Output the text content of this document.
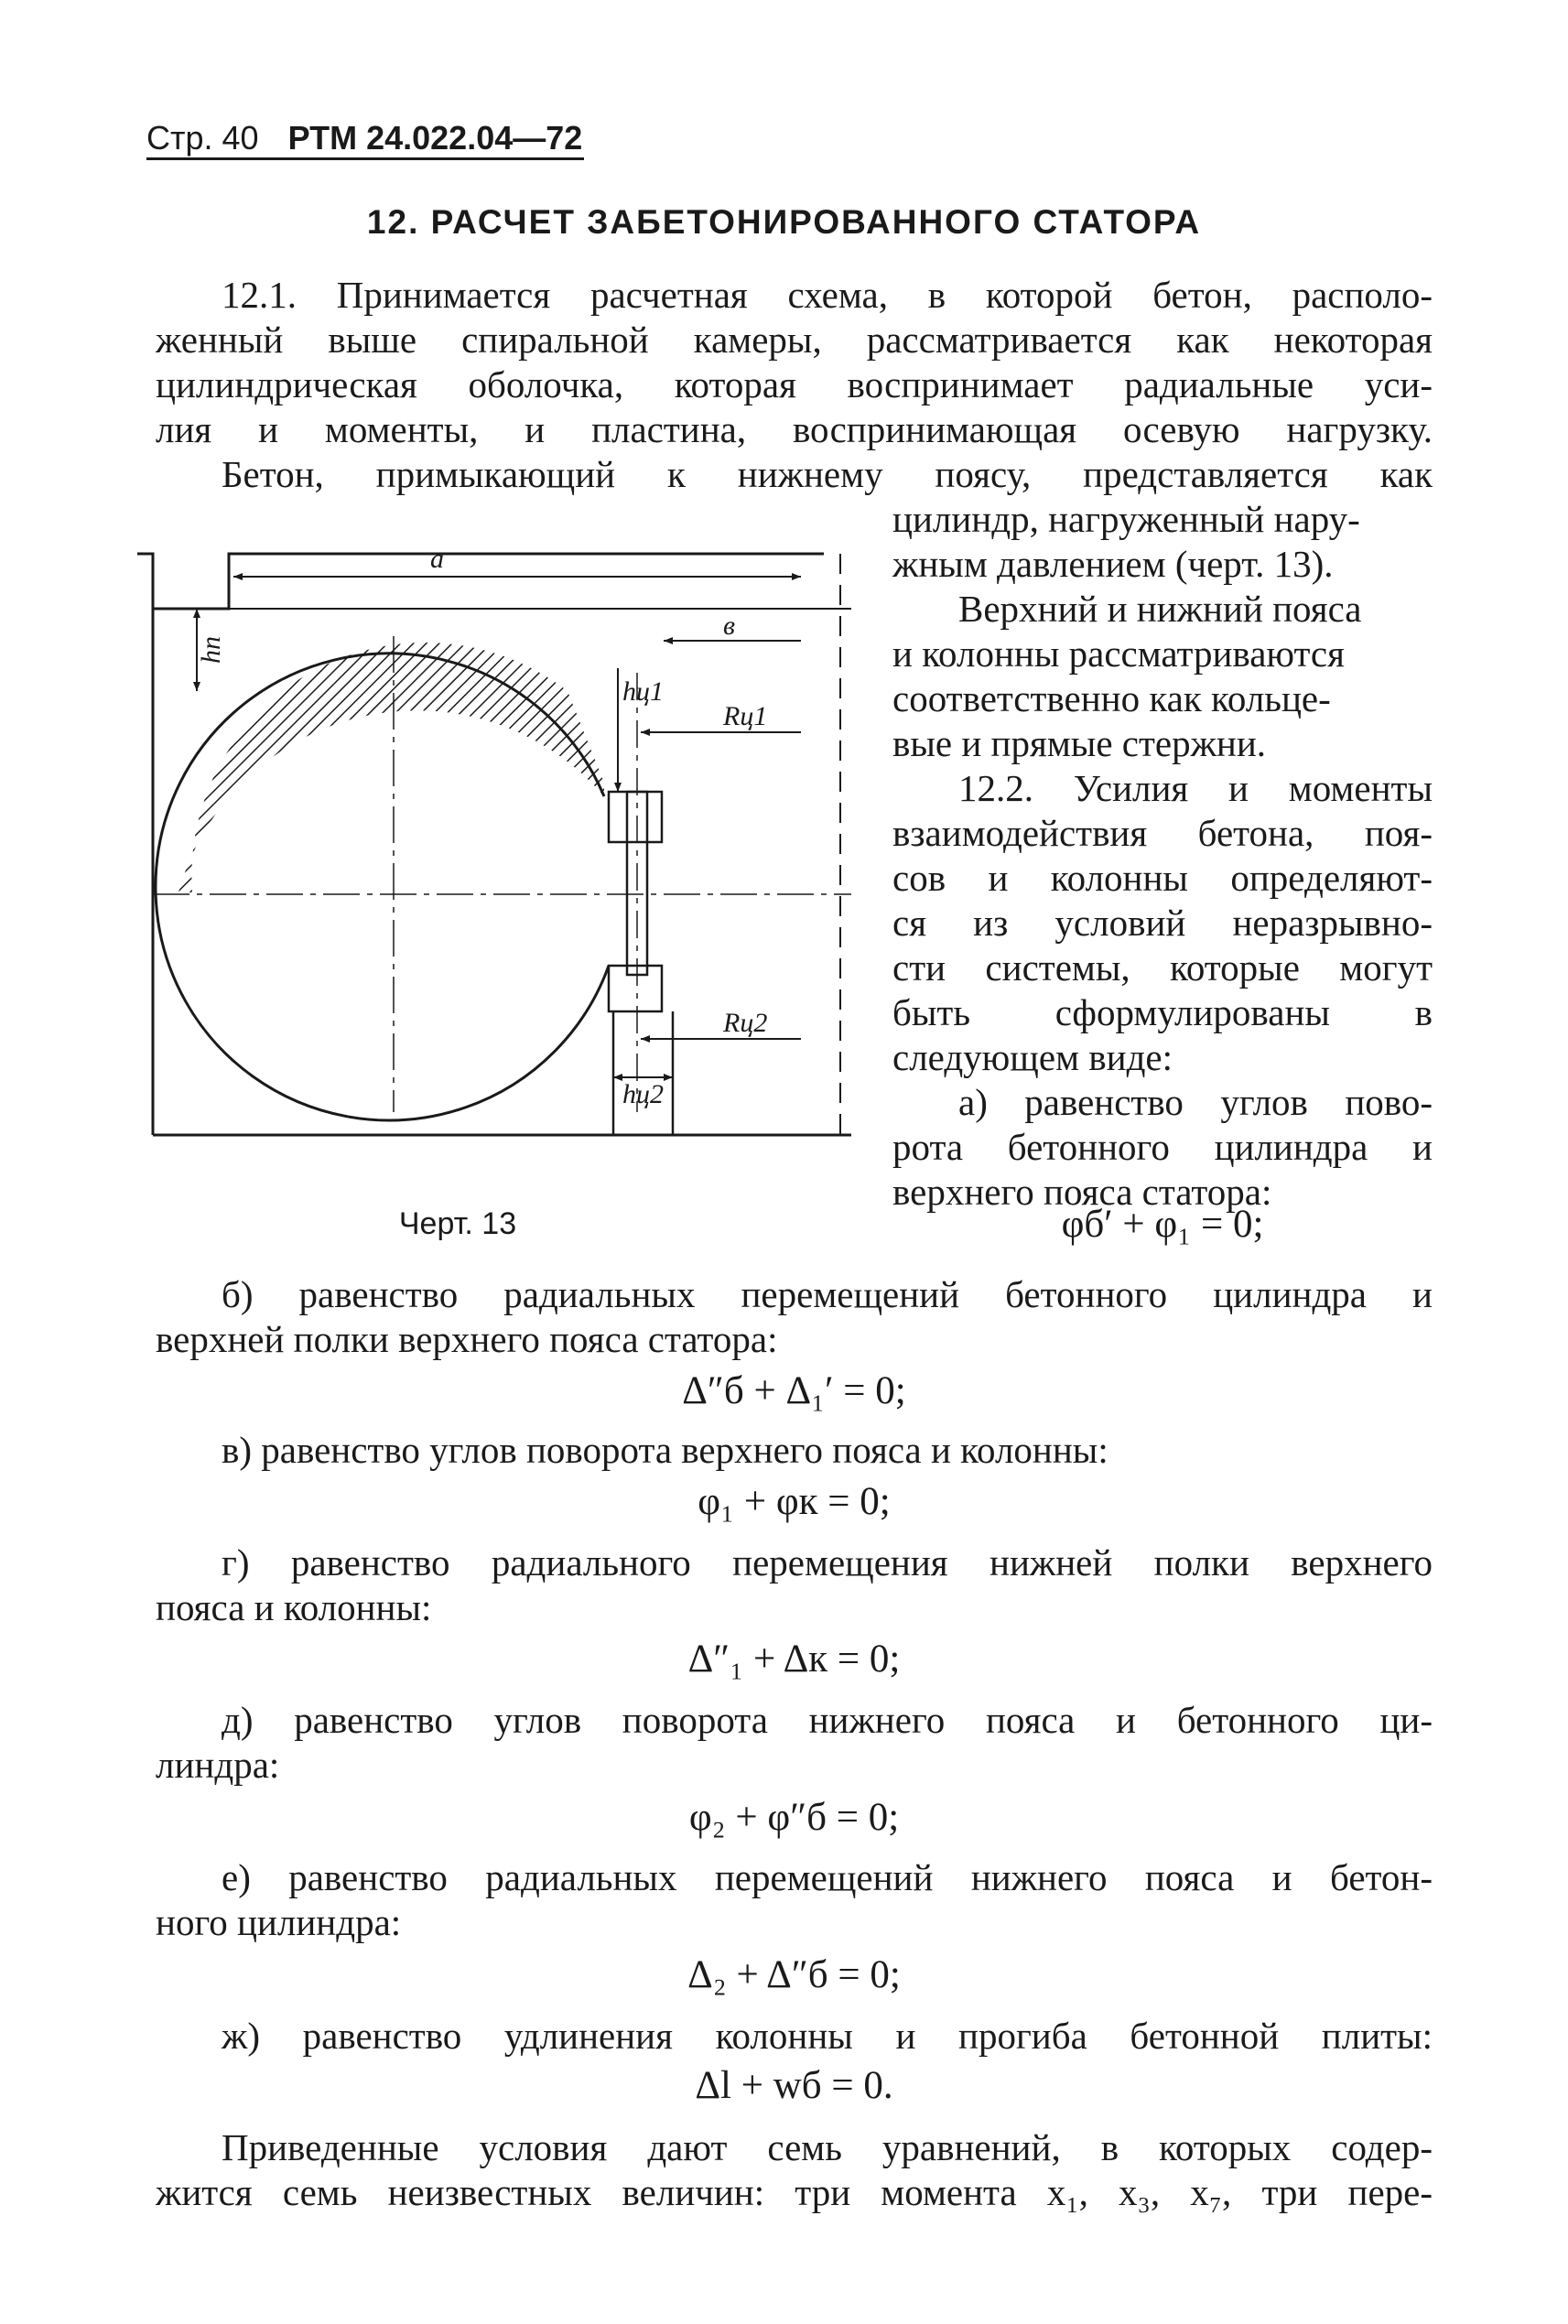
Стр. 40 РТМ 24.022.04—72
12. РАСЧЕТ ЗАБЕТОНИРОВАННОГО СТАТОРА
12.1. Принимается расчетная схема, в которой бетон, располо-
женный выше спиральной камеры, рассматривается как некоторая
цилиндрическая оболочка, которая воспринимает радиальные уси-
лия и моменты, и пластина, воспринимающая осевую нагрузку.
Бетон, примыкающий к нижнему поясу, представляется как
a
в
hп
hц1
Rц1
Rц2
hц2
цилиндр, нагруженный нару-
жным давлением (черт. 13).
Верхний и нижний пояса
и колонны рассматриваются
соответственно как кольце-
вые и прямые стержни.
12.2. Усилия и моменты
взаимодействия бетона, поя-
сов и колонны определяют-
ся из условий неразрывно-
сти системы, которые могут
быть сформулированы в
следующем виде:
а) равенство углов пово-
рота бетонного цилиндра и
верхнего пояса статора:
Черт. 13	φб′ + φ₁ = 0;
б) равенство радиальных перемещений бетонного цилиндра и
верхней полки верхнего пояса статора:
Δ″б + Δ₁′ = 0;
в) равенство углов поворота верхнего пояса и колонны:
φ₁ + φк = 0;
г) равенство радиального перемещения нижней полки верхнего
пояса и колонны:
Δ″₁ + Δк = 0;
д) равенство углов поворота нижнего пояса и бетонного ци-
линдра:
φ₂ + φ″б = 0;
е) равенство радиальных перемещений нижнего пояса и бетон-
ного цилиндра:
Δ₂ + Δ″б = 0;
ж) равенство удлинения колонны и прогиба бетонной плиты:
Δl + wб = 0.
Приведенные условия дают семь уравнений, в которых содер-
жится семь неизвестных величин: три момента x₁, x₃, x₇, три пере-
